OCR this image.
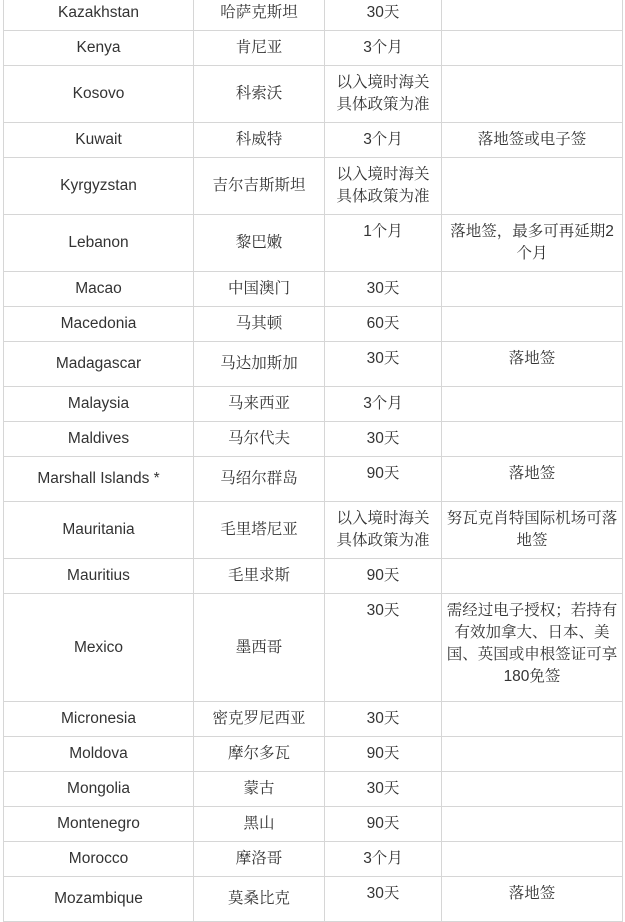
Kazakhstan	哈萨克斯坦	30天	
Kenya	肯尼亚	3个月	
Kosovo	科索沃	以入境时海关具体政策为准	
Kuwait	科威特	3个月	落地签或电子签
Kyrgyzstan	吉尔吉斯斯坦	以入境时海关具体政策为准	
Lebanon	黎巴嫩	1个月	落地签，最多可再延期2个月
Macao	中国澳门	30天	
Macedonia	马其顿	60天	
Madagascar	马达加斯加	30天	落地签
Malaysia	马来西亚	3个月	
Maldives	马尔代夫	30天	
Marshall Islands *	马绍尔群岛	90天	落地签
Mauritania	毛里塔尼亚	以入境时海关具体政策为准	努瓦克肖特国际机场可落地签
Mauritius	毛里求斯	90天	
Mexico	墨西哥	30天	需经过电子授权；若持有有效加拿大、日本、美国、英国或申根签证可享180免签
Micronesia	密克罗尼西亚	30天	
Moldova	摩尔多瓦	90天	
Mongolia	蒙古	30天	
Montenegro	黑山	90天	
Morocco	摩洛哥	3个月	
Mozambique	莫桑比克	30天	落地签
